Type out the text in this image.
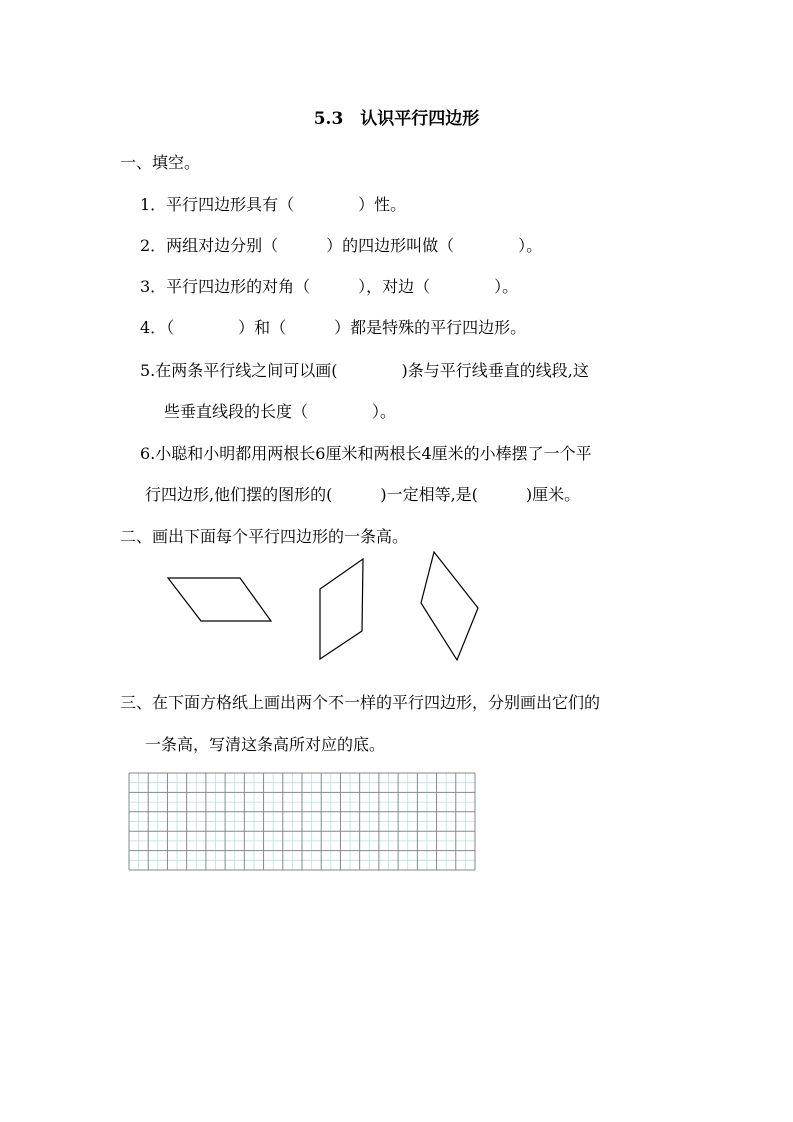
5.3　认识平行四边形
一、填空。
1．平行四边形具有（　　　　）性。
2．两组对边分别（　　　）的四边形叫做（　　　　）。
3．平行四边形的对角（　　　），对边（　　　　）。
4．（　　　　）和（　　　）都是特殊的平行四边形。
5.在两条平行线之间可以画(　　　　)条与平行线垂直的线段,这
些垂直线段的长度（　　　　）。
6.小聪和小明都用两根长6厘米和两根长4厘米的小棒摆了一个平
行四边形,他们摆的图形的(　　　)一定相等,是(　　　)厘米。
二、画出下面每个平行四边形的一条高。
三、在下面方格纸上画出两个不一样的平行四边形，分别画出它们的
一条高，写清这条高所对应的底。
